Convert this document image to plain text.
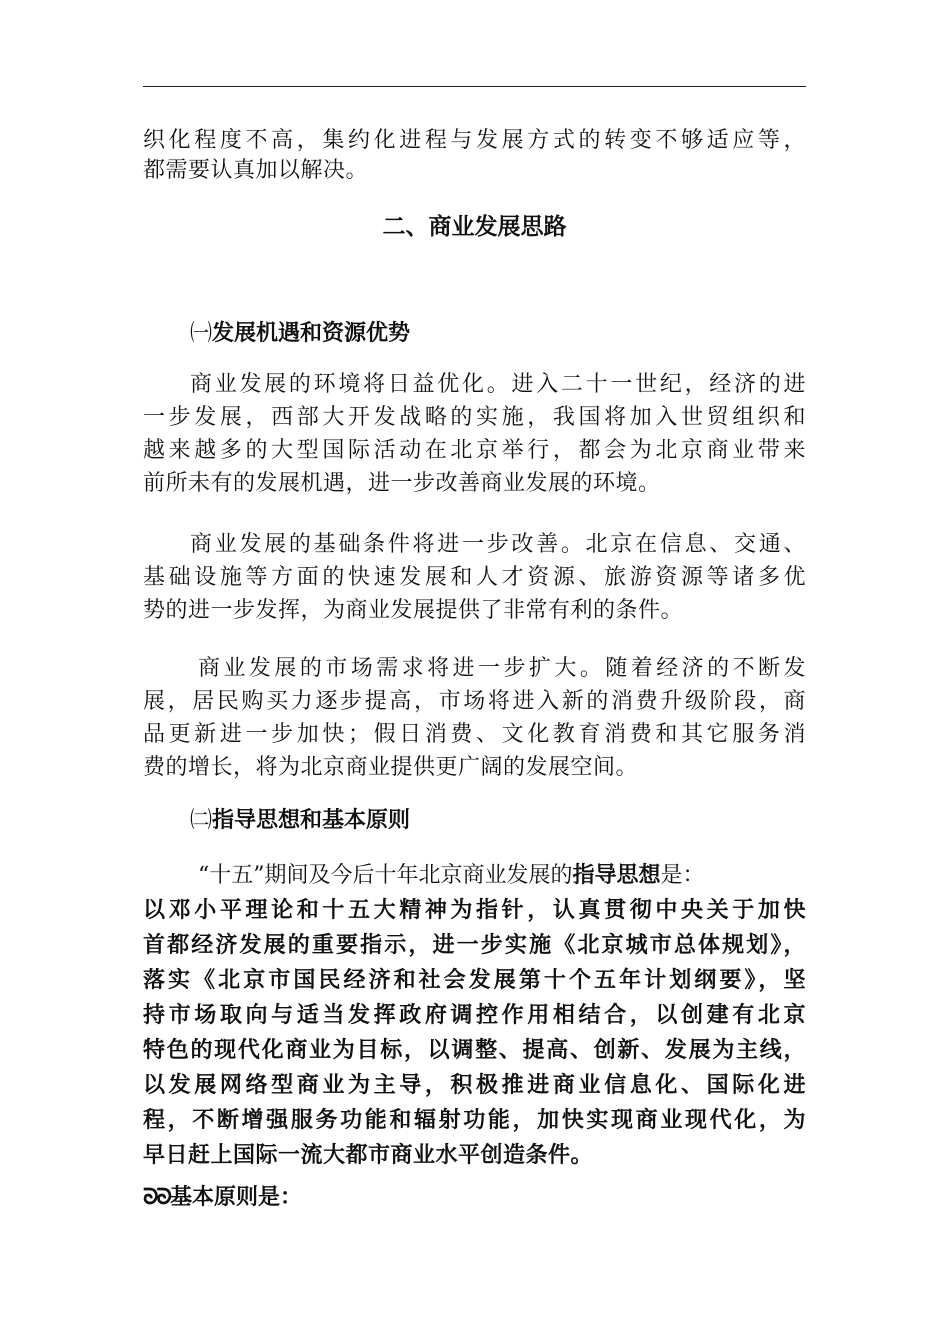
织化程度不高，集约化进程与发展方式的转变不够适应等，
都需要认真加以解决。
二、商业发展思路
㈠发展机遇和资源优势
商业发展的环境将日益优化。进入二十一世纪，经济的进
一步发展，西部大开发战略的实施，我国将加入世贸组织和
越来越多的大型国际活动在北京举行，都会为北京商业带来
前所未有的发展机遇，进一步改善商业发展的环境。
商业发展的基础条件将进一步改善。北京在信息、交通、
基础设施等方面的快速发展和人才资源、旅游资源等诸多优
势的进一步发挥，为商业发展提供了非常有利的条件。
商业发展的市场需求将进一步扩大。随着经济的不断发
展，居民购买力逐步提高，市场将进入新的消费升级阶段，商
品更新进一步加快；假日消费、文化教育消费和其它服务消
费的增长，将为北京商业提供更广阔的发展空间。
㈡指导思想和基本原则
“十五”期间及今后十年北京商业发展的指导思想是：
以邓小平理论和十五大精神为指针，认真贯彻中央关于加快
首都经济发展的重要指示，进一步实施《北京城市总体规划》，
落实《北京市国民经济和社会发展第十个五年计划纲要》，坚
持市场取向与适当发挥政府调控作用相结合，以创建有北京
特色的现代化商业为目标，以调整、提高、创新、发展为主线，
以发展网络型商业为主导，积极推进商业信息化、国际化进
程，不断增强服务功能和辐射功能，加快实现商业现代化，为
早日赶上国际一流大都市商业水平创造条件。
ᘐᘐ基本原则是：
